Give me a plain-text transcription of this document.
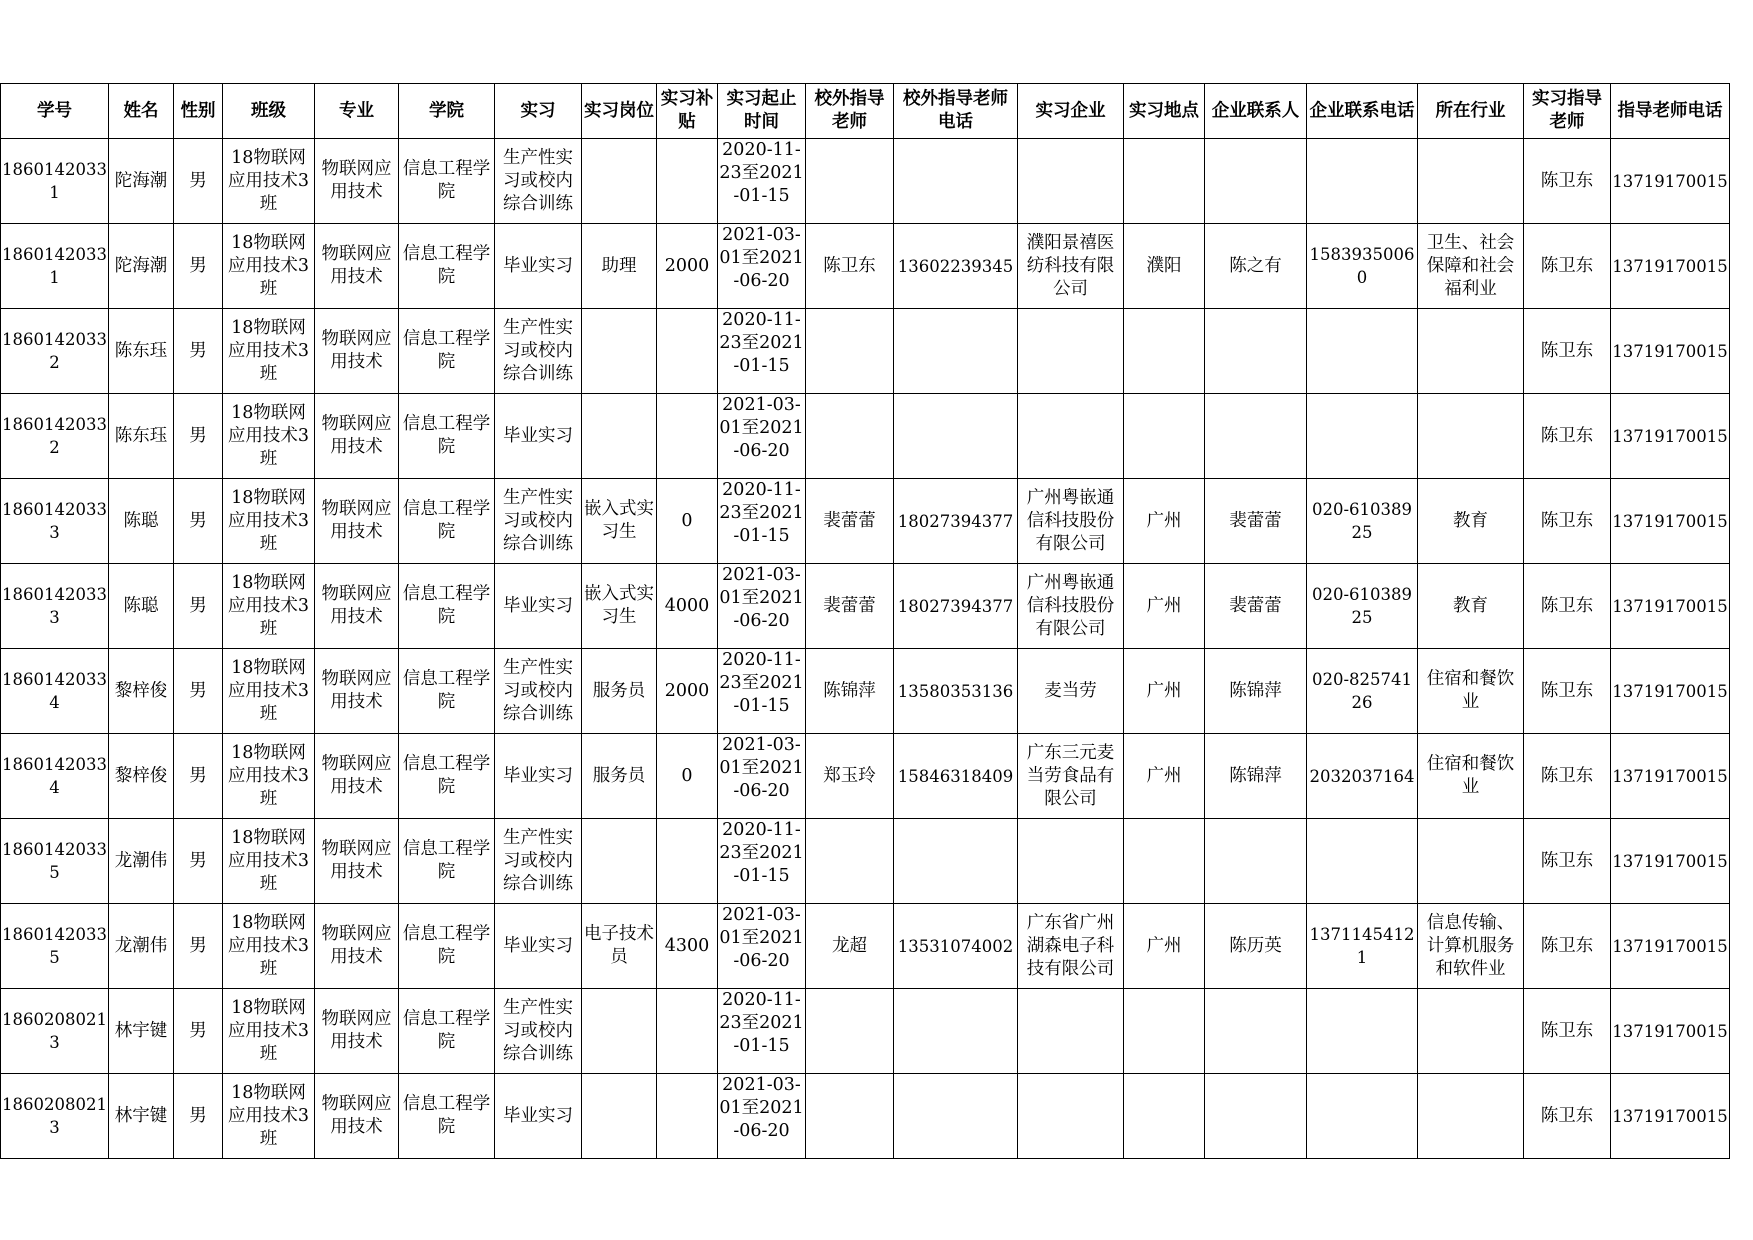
学号	姓名	性别	班级	专业	学院	实习	实习岗位	实习补贴	实习起止时间	校外指导老师	校外指导老师电话	实习企业	实习地点	企业联系人	企业联系电话	所在行业	实习指导老师	指导老师电话
18601420331	陀海潮	男	18物联网应用技术3班	物联网应用技术	信息工程学院	生产性实习或校内综合训练			2020-11-23至2021-01-15								陈卫东	13719170015
18601420331	陀海潮	男	18物联网应用技术3班	物联网应用技术	信息工程学院	毕业实习	助理	2000	2021-03-01至2021-06-20	陈卫东	13602239345	濮阳景禧医纺科技有限公司	濮阳	陈之有	15839350060	卫生、社会保障和社会福利业	陈卫东	13719170015
18601420332	陈东珏	男	18物联网应用技术3班	物联网应用技术	信息工程学院	生产性实习或校内综合训练			2020-11-23至2021-01-15								陈卫东	13719170015
18601420332	陈东珏	男	18物联网应用技术3班	物联网应用技术	信息工程学院	毕业实习			2021-03-01至2021-06-20								陈卫东	13719170015
18601420333	陈聪	男	18物联网应用技术3班	物联网应用技术	信息工程学院	生产性实习或校内综合训练	嵌入式实习生	0	2020-11-23至2021-01-15	裴蕾蕾	18027394377	广州粤嵌通信科技股份有限公司	广州	裴蕾蕾	020-61038925	教育	陈卫东	13719170015
18601420333	陈聪	男	18物联网应用技术3班	物联网应用技术	信息工程学院	毕业实习	嵌入式实习生	4000	2021-03-01至2021-06-20	裴蕾蕾	18027394377	广州粤嵌通信科技股份有限公司	广州	裴蕾蕾	020-61038925	教育	陈卫东	13719170015
18601420334	黎梓俊	男	18物联网应用技术3班	物联网应用技术	信息工程学院	生产性实习或校内综合训练	服务员	2000	2020-11-23至2021-01-15	陈锦萍	13580353136	麦当劳	广州	陈锦萍	020-82574126	住宿和餐饮业	陈卫东	13719170015
18601420334	黎梓俊	男	18物联网应用技术3班	物联网应用技术	信息工程学院	毕业实习	服务员	0	2021-03-01至2021-06-20	郑玉玲	15846318409	广东三元麦当劳食品有限公司	广州	陈锦萍	2032037164	住宿和餐饮业	陈卫东	13719170015
18601420335	龙潮伟	男	18物联网应用技术3班	物联网应用技术	信息工程学院	生产性实习或校内综合训练			2020-11-23至2021-01-15								陈卫东	13719170015
18601420335	龙潮伟	男	18物联网应用技术3班	物联网应用技术	信息工程学院	毕业实习	电子技术员	4300	2021-03-01至2021-06-20	龙超	13531074002	广东省广州湖森电子科技有限公司	广州	陈历英	13711454121	信息传输、计算机服务和软件业	陈卫东	13719170015
18602080213	林宇键	男	18物联网应用技术3班	物联网应用技术	信息工程学院	生产性实习或校内综合训练			2020-11-23至2021-01-15								陈卫东	13719170015
18602080213	林宇键	男	18物联网应用技术3班	物联网应用技术	信息工程学院	毕业实习			2021-03-01至2021-06-20								陈卫东	13719170015
